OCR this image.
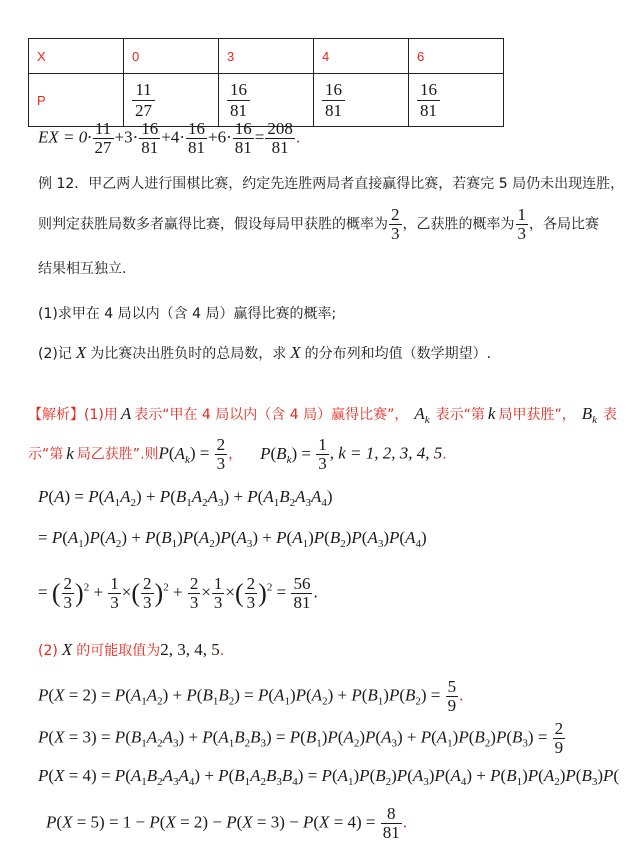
X	0	3	4	6
P	$\frac{11}{27}$	$\frac{16}{81}$	$\frac{16}{81}$	$\frac{16}{81}$
EX = $0\cdot \frac{11}{27} +3\cdot \frac{16}{81} +4\cdot \frac{16}{81} +6\cdot \frac{16}{81} = \frac{208}{81}$ .
例 12．甲乙两人进行围棋比赛，约定先连胜两局者直接赢得比赛，若赛完 5 局仍未出现连胜，
则判定获胜局数多者赢得比赛，假设每局甲获胜的概率为 $\frac{2}{3}$ ，乙获胜的概率为 $\frac{1}{3}$ ，各局比赛
结果相互独立.
(1)求甲在 4 局以内（含 4 局）赢得比赛的概率;
(2)记 X 为比赛决出胜负时的总局数，求 X 的分布列和均值（数学期望）.
【解析】(1)用 A 表示“甲在 4 局以内（含 4 局）赢得比赛”， $A_k$ 表示“第 k 局甲获胜”， $B_k$ 表
示“第 k 局乙获胜”.则$P(A_k) = \frac{2}{3}$ ， $P(B_k) = \frac{1}{3}$ , k = 1, 2, 3, 4, 5.
$P(A) = P(A_1A_2) + P(B_1A_2A_3) + P(A_1B_2A_3A_4)$
= $P(A_1)P(A_2) + P(B_1)P(A_2)P(A_3) + P(A_1)P(B_2)P(A_3)P(A_4)$
= ( $\frac{2}{3} )^2 + \frac{1}{3}$ ×( $\frac{2}{3} )^2 + \frac{2}{3} \times \frac{1}{3}$ ×( $\frac{2}{3} )^2 = \frac{56}{81}$ .
(2) X 的可能取值为2, 3, 4, 5.
$P(X = 2) = P(A_1A_2) + P(B_1B_2) = P(A_1)P(A_2) + P(B_1)P(B_2) = \frac{5}{9}$ .
$P(X = 3) = P(B_1A_2A_3) + P(A_1B_2B_3) = P(B_1)P(A_2)P(A_3) + P(A_1)P(B_2)P(B_3) = \frac{2}{9}$
$P(X = 4) = P(A_1B_2A_3A_4) + P(B_1A_2B_3B_4) = P(A_1)P(B_2)P(A_3)P(A_4) + P(B_1)P(A_2)P(B_3)P$(
$P(X = 5) = 1 - P(X = 2) - P(X = 3) - P(X = 4) = \frac{8}{81}$ .
